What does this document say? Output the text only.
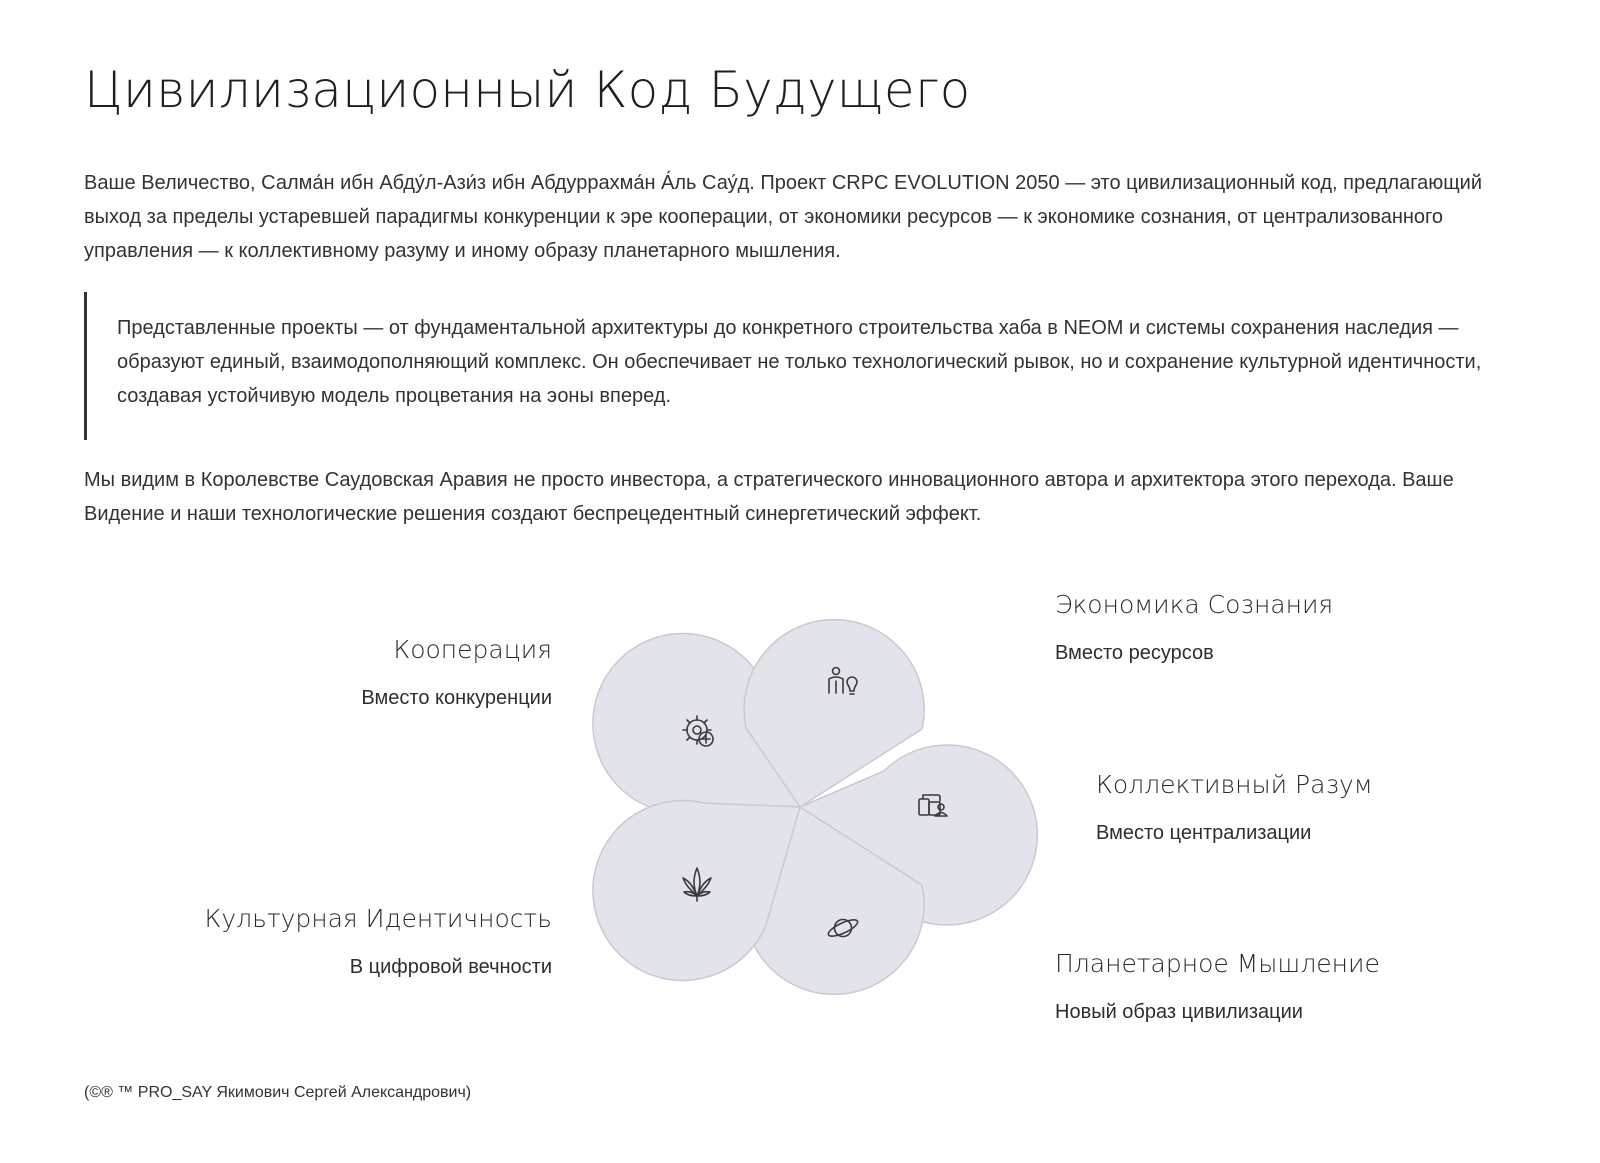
Цивилизационный Код Будущего

Ваше Величество, Салма́н ибн Абду́л-Ази́з ибн Абдуррахма́н А́ль Сау́д. Проект CRPC EVOLUTION 2050 — это цивилизационный код, предлагающий выход за пределы устаревшей парадигмы конкуренции к эре кооперации, от экономики ресурсов — к экономике сознания, от централизованного управления — к коллективному разуму и иному образу планетарного мышления.

Представленные проекты — от фундаментальной архитектуры до конкретного строительства хаба в NEOM и системы сохранения наследия — образуют единый, взаимодополняющий комплекс. Он обеспечивает не только технологический рывок, но и сохранение культурной идентичности, создавая устойчивую модель процветания на эоны вперед.

Мы видим в Королевстве Саудовская Аравия не просто инвестора, а стратегического инновационного автора и архитектора этого перехода. Ваше Видение и наши технологические решения создают беспрецедентный синергетический эффект.

Кооперация
Вместо конкуренции
Экономика Сознания
Вместо ресурсов
Коллективный Разум
Вместо централизации
Планетарное Мышление
Новый образ цивилизации
Культурная Идентичность
В цифровой вечности
(©® ™ PRO_SAY Якимович Сергей Александрович)
